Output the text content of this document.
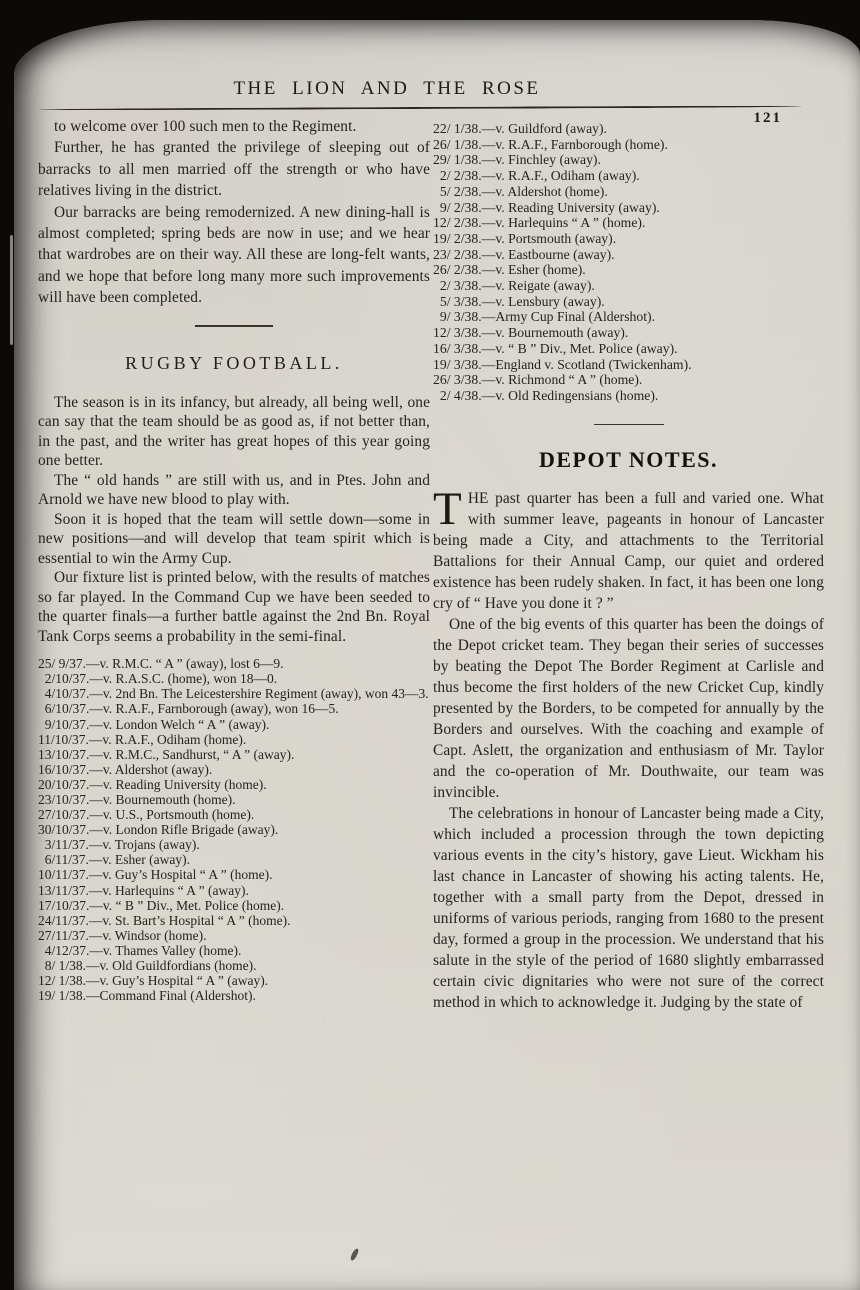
THE LION AND THE ROSE
121

to welcome over 100 such men to the Regiment.

Further, he has granted the privilege of sleeping out of barracks to all men married off the strength or who have relatives living in the district.

Our barracks are being remodernized. A new dining-hall is almost completed; spring beds are now in use; and we hear that wardrobes are on their way. All these are long-felt wants, and we hope that before long many more such improvements will have been completed.

RUGBY FOOTBALL.

The season is in its infancy, but already, all being well, one can say that the team should be as good as, if not better than, in the past, and the writer has great hopes of this year going one better.

The “ old hands ” are still with us, and in Ptes. John and Arnold we have new blood to play with.

Soon it is hoped that the team will settle down—some in new positions—and will develop that team spirit which is essential to win the Army Cup.

Our fixture list is printed below, with the results of matches so far played. In the Command Cup we have been seeded to the quarter finals—a further battle against the 2nd Bn. Royal Tank Corps seems a probability in the semi-final.

25/ 9/37.—v. R.M.C. “ A ” (away), lost 6—9.
 2/10/37.—v. R.A.S.C. (home), won 18—0.
 4/10/37.—v. 2nd Bn. The Leicestershire Regiment (away), won 43—3.
 6/10/37.—v. R.A.F., Farnborough (away), won 16—5.
 9/10/37.—v. London Welch “ A ” (away).
11/10/37.—v. R.A.F., Odiham (home).
13/10/37.—v. R.M.C., Sandhurst, “ A ” (away).
16/10/37.—v. Aldershot (away).
20/10/37.—v. Reading University (home).
23/10/37.—v. Bournemouth (home).
27/10/37.—v. U.S., Portsmouth (home).
30/10/37.—v. London Rifle Brigade (away).
 3/11/37.—v. Trojans (away).
 6/11/37.—v. Esher (away).
10/11/37.—v. Guy’s Hospital “ A ” (home).
13/11/37.—v. Harlequins “ A ” (away).
17/10/37.—v. “ B ” Div., Met. Police (home).
24/11/37.—v. St. Bart’s Hospital “ A ” (home).
27/11/37.—v. Windsor (home).
 4/12/37.—v. Thames Valley (home).
 8/ 1/38.—v. Old Guildfordians (home).
12/ 1/38.—v. Guy’s Hospital “ A ” (away).
19/ 1/38.—Command Final (Aldershot).
22/ 1/38.—v. Guildford (away).
26/ 1/38.—v. R.A.F., Farnborough (home).
29/ 1/38.—v. Finchley (away).
 2/ 2/38.—v. R.A.F., Odiham (away).
 5/ 2/38.—v. Aldershot (home).
 9/ 2/38.—v. Reading University (away).
12/ 2/38.—v. Harlequins “ A ” (home).
19/ 2/38.—v. Portsmouth (away).
23/ 2/38.—v. Eastbourne (away).
26/ 2/38.—v. Esher (home).
 2/ 3/38.—v. Reigate (away).
 5/ 3/38.—v. Lensbury (away).
 9/ 3/38.—Army Cup Final (Aldershot).
12/ 3/38.—v. Bournemouth (away).
16/ 3/38.—v. “ B ” Div., Met. Police (away).
19/ 3/38.—England v. Scotland (Twickenham).
26/ 3/38.—v. Richmond “ A ” (home).
 2/ 4/38.—v. Old Redingensians (home).
DEPOT NOTES.

THE past quarter has been a full and varied one. What with summer leave, pageants in honour of Lancaster being made a City, and attachments to the Territorial Battalions for their Annual Camp, our quiet and ordered existence has been rudely shaken. In fact, it has been one long cry of “ Have you done it ? ”

One of the big events of this quarter has been the doings of the Depot cricket team. They began their series of successes by beating the Depot The Border Regiment at Carlisle and thus become the first holders of the new Cricket Cup, kindly presented by the Borders, to be competed for annually by the Borders and ourselves. With the coaching and example of Capt. Aslett, the organization and enthusiasm of Mr. Taylor and the co-operation of Mr. Douthwaite, our team was invincible.

The celebrations in honour of Lancaster being made a City, which included a procession through the town depicting various events in the city’s history, gave Lieut. Wickham his last chance in Lancaster of showing his acting talents. He, together with a small party from the Depot, dressed in uniforms of various periods, ranging from 1680 to the present day, formed a group in the procession. We understand that his salute in the style of the period of 1680 slightly embarrassed certain civic dignitaries who were not sure of the correct method in which to acknowledge it. Judging by the state of
